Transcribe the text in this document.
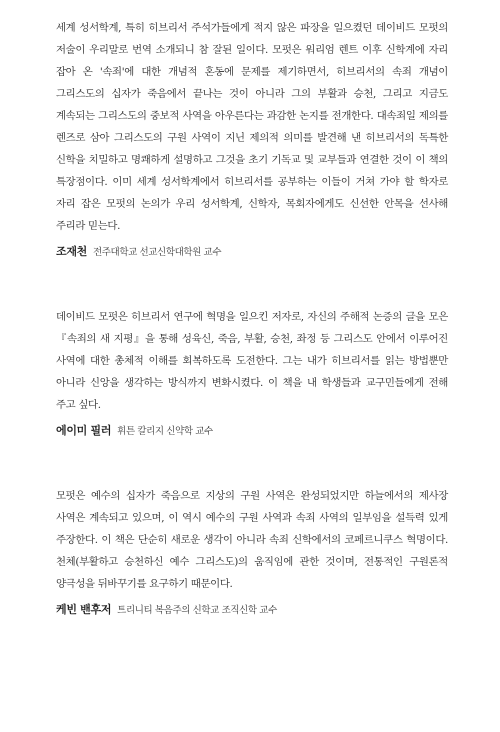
세계 성서학계, 특히 히브리서 주석가들에게 적지 않은 파장을 일으켰던 데이비드 모펏의 저술이 우리말로 번역 소개되니 참 잘된 일이다. 모펏은 워리엄 렌트 이후 신학계에 자리 잡아 온 '속죄'에 대한 개념적 혼동에 문제를 제기하면서, 히브리서의 속죄 개념이 그리스도의 십자가 죽음에서 끝나는 것이 아니라 그의 부활과 승천, 그리고 지금도 계속되는 그리스도의 중보적 사역을 아우른다는 과감한 논지를 전개한다. 대속죄일 제의를 렌즈로 삼아 그리스도의 구원 사역이 지닌 제의적 의미를 발견해 낸 히브리서의 독특한 신학을 치밀하고 명쾌하게 설명하고 그것을 초기 기독교 및 교부들과 연결한 것이 이 책의 특장점이다. 이미 세계 성서학계에서 히브리서를 공부하는 이들이 거쳐 가야 할 학자로 자리 잡은 모펏의 논의가 우리 성서학계, 신학자, 목회자에게도 신선한 안목을 선사해 주리라 믿는다.

조재천 전주대학교 선교신학대학원 교수

데이비드 모펏은 히브리서 연구에 혁명을 일으킨 저자로, 자신의 주해적 논증의 글을 모은 『속죄의 새 지평』을 통해 성육신, 죽음, 부활, 승천, 좌정 등 그리스도 안에서 이루어진 사역에 대한 총체적 이해를 회복하도록 도전한다. 그는 내가 히브리서를 읽는 방법뿐만 아니라 신앙을 생각하는 방식까지 변화시켰다. 이 책을 내 학생들과 교구민들에게 전해 주고 싶다.

에이미 필러 휘튼 칼리지 신약학 교수

모펏은 예수의 십자가 죽음으로 지상의 구원 사역은 완성되었지만 하늘에서의 제사장 사역은 계속되고 있으며, 이 역시 예수의 구원 사역과 속죄 사역의 일부임을 설득력 있게 주장한다. 이 책은 단순히 새로운 생각이 아니라 속죄 신학에서의 코페르니쿠스 혁명이다. 천체(부활하고 승천하신 예수 그리스도)의 움직임에 관한 것이며, 전통적인 구원론적 양극성을 뒤바꾸기를 요구하기 때문이다.

케빈 밴후저 트리니티 복음주의 신학교 조직신학 교수
